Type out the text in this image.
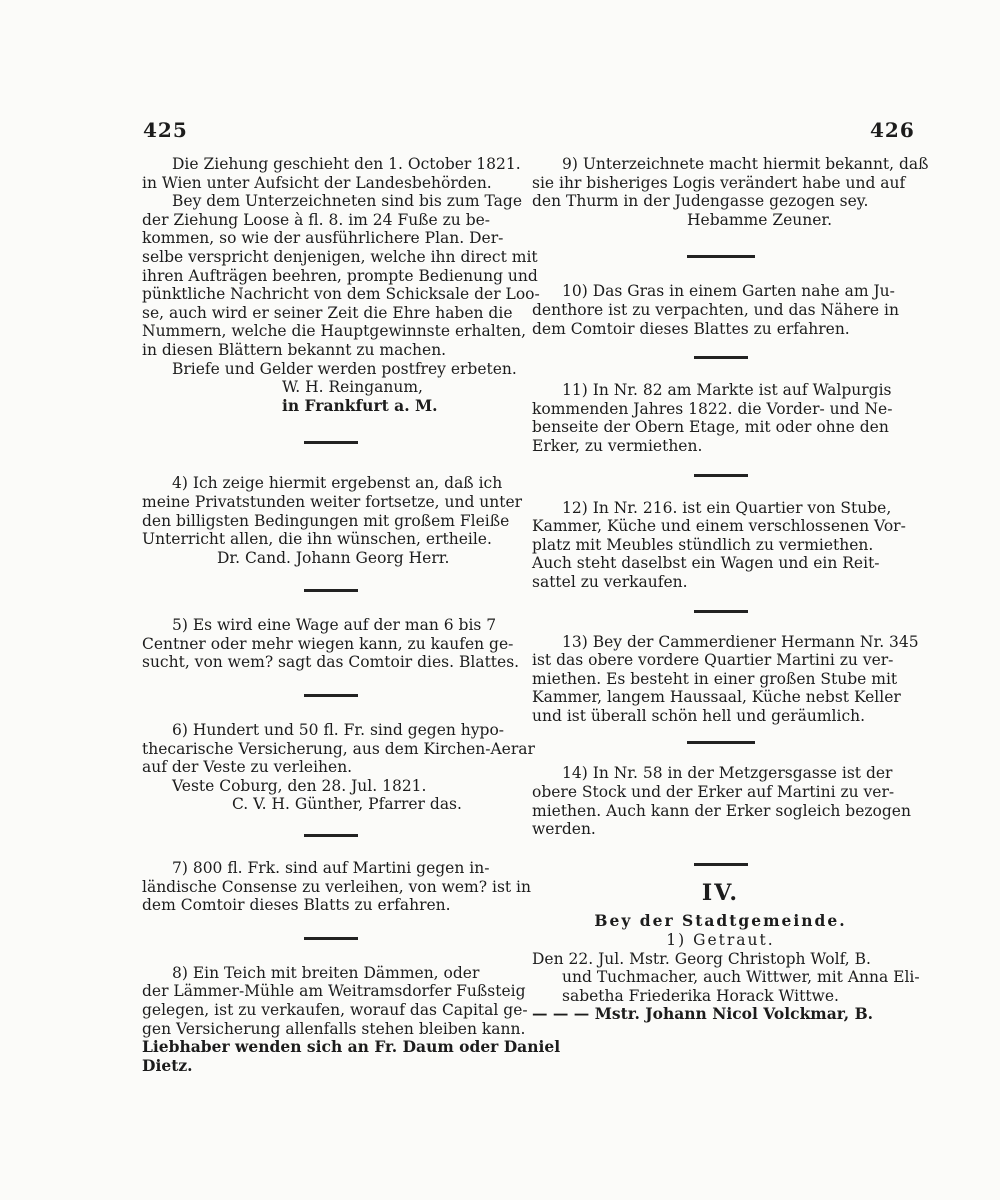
425	426
Die Ziehung geschieht den 1. October 1821.
in Wien unter Aufsicht der Landesbehörden.
Bey dem Unterzeichneten sind bis zum Tage
der Ziehung Loose à fl. 8. im 24 Fuße zu be-
kommen, so wie der ausführlichere Plan. Der-
selbe verspricht denjenigen, welche ihn direct mit
ihren Aufträgen beehren, prompte Bedienung und
pünktliche Nachricht von dem Schicksale der Loo-
se, auch wird er seiner Zeit die Ehre haben die
Nummern, welche die Hauptgewinnste erhalten,
in diesen Blättern bekannt zu machen.
Briefe und Gelder werden postfrey erbeten.
W. H. Reinganum,
in Frankfurt a. M.
4) Ich zeige hiermit ergebenst an, daß ich
meine Privatstunden weiter fortsetze, und unter
den billigsten Bedingungen mit großem Fleiße
Unterricht allen, die ihn wünschen, ertheile.
Dr. Cand. Johann Georg Herr.
5) Es wird eine Wage auf der man 6 bis 7
Centner oder mehr wiegen kann, zu kaufen ge-
sucht, von wem? sagt das Comtoir dies. Blattes.
6) Hundert und 50 fl. Fr. sind gegen hypo-
thecarische Versicherung, aus dem Kirchen-Aerar
auf der Veste zu verleihen.
Veste Coburg, den 28. Jul. 1821.
C. V. H. Günther, Pfarrer das.
7) 800 fl. Frk. sind auf Martini gegen in-
ländische Consense zu verleihen, von wem? ist in
dem Comtoir dieses Blatts zu erfahren.
8) Ein Teich mit breiten Dämmen, oder
der Lämmer-Mühle am Weitramsdorfer Fußsteig
gelegen, ist zu verkaufen, worauf das Capital ge-
gen Versicherung allenfalls stehen bleiben kann.
Liebhaber wenden sich an Fr. Daum oder Daniel
Dietz.
9) Unterzeichnete macht hiermit bekannt, daß
sie ihr bisheriges Logis verändert habe und auf
den Thurm in der Judengasse gezogen sey.
Hebamme Zeuner.
10) Das Gras in einem Garten nahe am Ju-
denthore ist zu verpachten, und das Nähere in
dem Comtoir dieses Blattes zu erfahren.
11) In Nr. 82 am Markte ist auf Walpurgis
kommenden Jahres 1822. die Vorder- und Ne-
benseite der Obern Etage, mit oder ohne den
Erker, zu vermiethen.
12) In Nr. 216. ist ein Quartier von Stube,
Kammer, Küche und einem verschlossenen Vor-
platz mit Meubles stündlich zu vermiethen.
Auch steht daselbst ein Wagen und ein Reit-
sattel zu verkaufen.
13) Bey der Cammerdiener Hermann Nr. 345
ist das obere vordere Quartier Martini zu ver-
miethen. Es besteht in einer großen Stube mit
Kammer, langem Haussaal, Küche nebst Keller
und ist überall schön hell und geräumlich.
14) In Nr. 58 in der Metzgersgasse ist der
obere Stock und der Erker auf Martini zu ver-
miethen. Auch kann der Erker sogleich bezogen
werden.
IV.
Bey der Stadtgemeinde.
1) Getraut.
Den 22. Jul. Mstr. Georg Christoph Wolf, B.
und Tuchmacher, auch Wittwer, mit Anna Eli-
sabetha Friederika Horack Wittwe.
— — — Mstr. Johann Nicol Volckmar, B.
